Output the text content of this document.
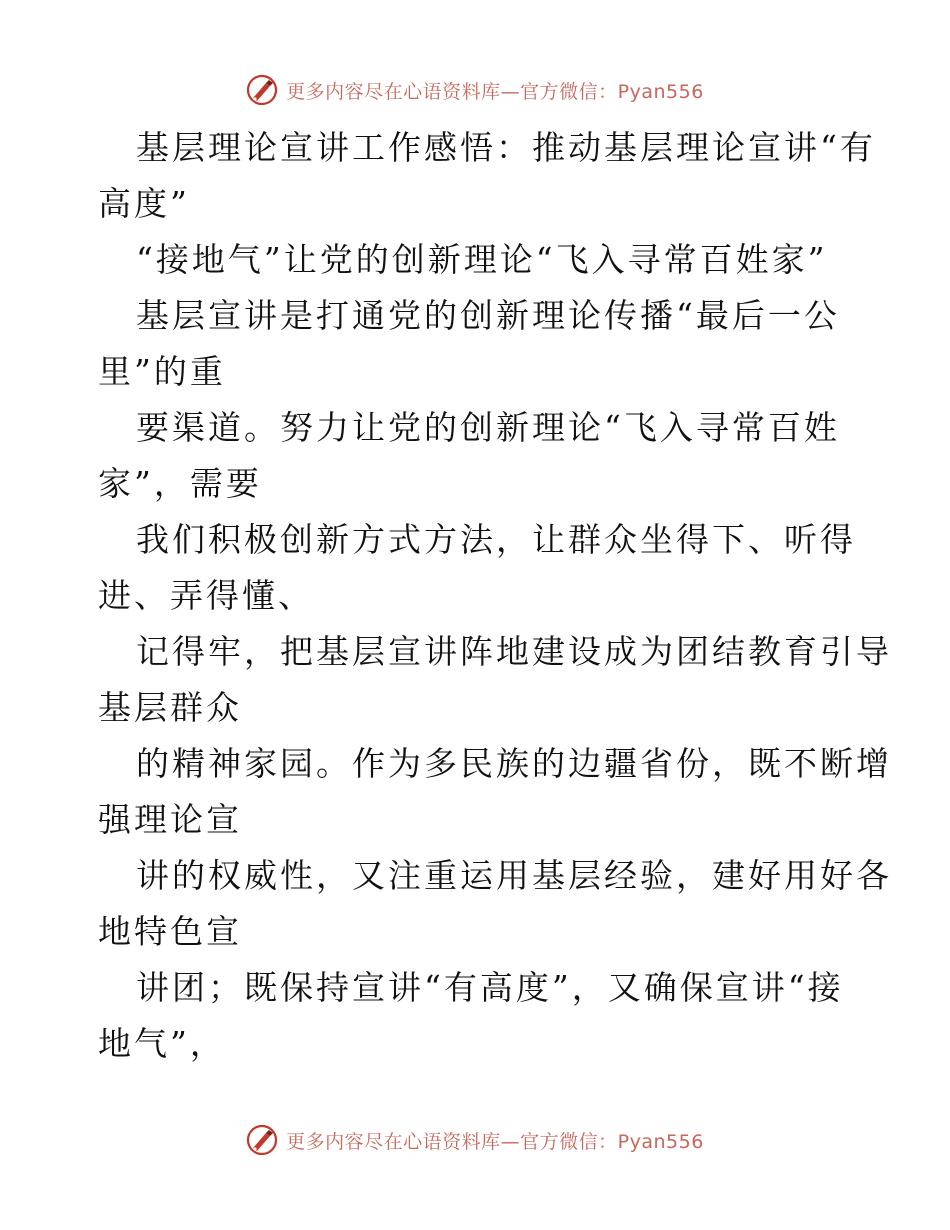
更多内容尽在心语资料库—官方微信：Pyan556
基层理论宣讲工作感悟：推动基层理论宣讲“有
高度”
“接地气”让党的创新理论“飞入寻常百姓家”
基层宣讲是打通党的创新理论传播“最后一公
里”的重
要渠道。努力让党的创新理论“飞入寻常百姓
家”，需要
我们积极创新方式方法，让群众坐得下、听得
进、弄得懂、
记得牢，把基层宣讲阵地建设成为团结教育引导
基层群众
的精神家园。作为多民族的边疆省份，既不断增
强理论宣
讲的权威性，又注重运用基层经验，建好用好各
地特色宣
讲团；既保持宣讲“有高度”，又确保宣讲“接
地气”，
更多内容尽在心语资料库—官方微信：Pyan556
